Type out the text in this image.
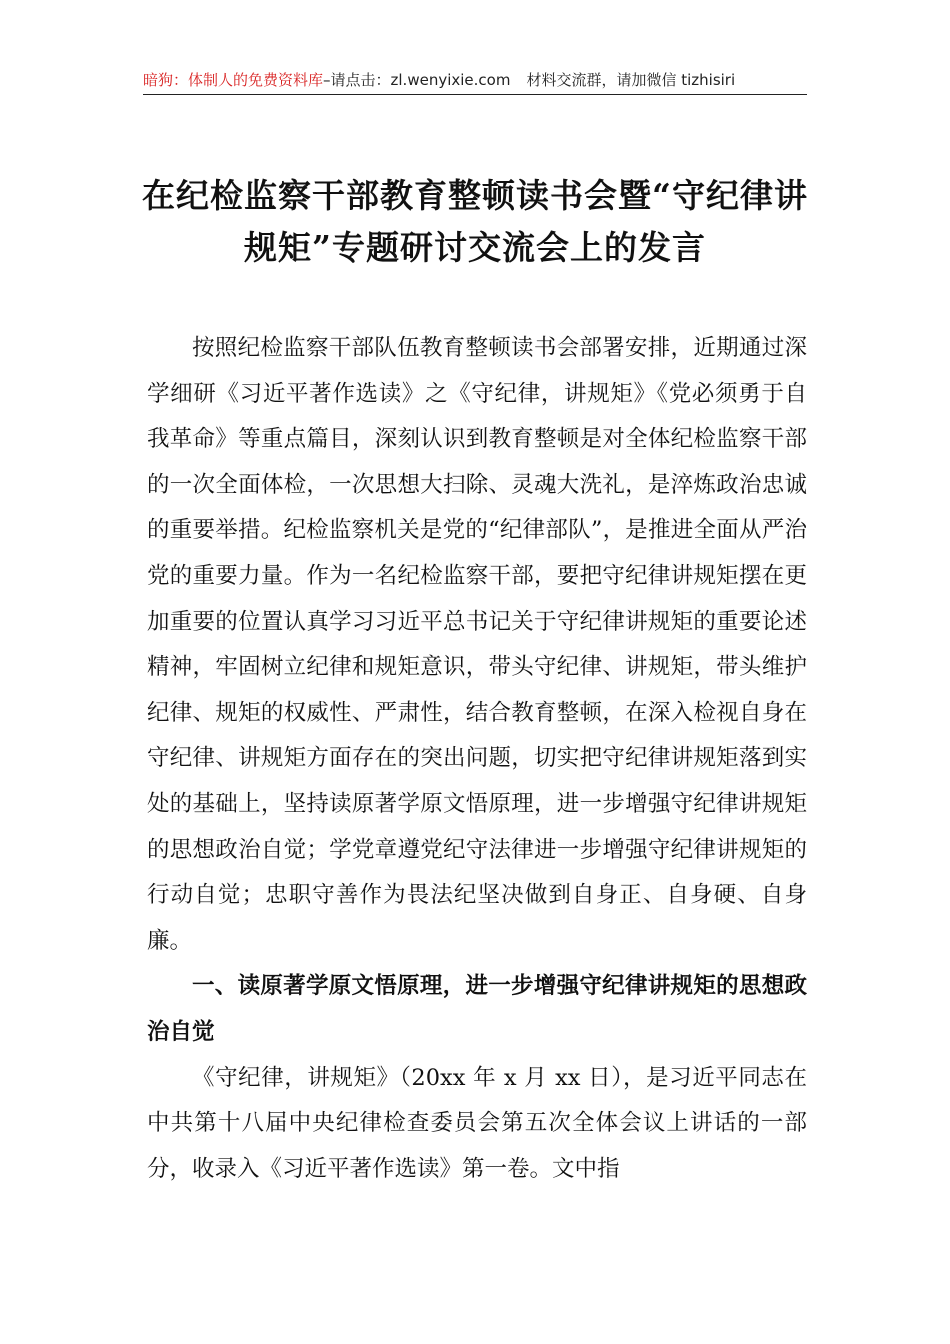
暗狗：体制人的免费资料库–请点击：zl.wenyixie.com 材料交流群，请加微信 tizhisiri
在纪检监察干部教育整顿读书会暨“守纪律讲规矩”专题研讨交流会上的发言

按照纪检监察干部队伍教育整顿读书会部署安排，近期通过深学细研《习近平著作选读》之《守纪律，讲规矩》《党必须勇于自我革命》等重点篇目，深刻认识到教育整顿是对全体纪检监察干部的一次全面体检，一次思想大扫除、灵魂大洗礼，是淬炼政治忠诚的重要举措。纪检监察机关是党的“纪律部队”，是推进全面从严治党的重要力量。作为一名纪检监察干部，要把守纪律讲规矩摆在更加重要的位置认真学习习近平总书记关于守纪律讲规矩的重要论述精神，牢固树立纪律和规矩意识，带头守纪律、讲规矩，带头维护纪律、规矩的权威性、严肃性，结合教育整顿，在深入检视自身在守纪律、讲规矩方面存在的突出问题，切实把守纪律讲规矩落到实处的基础上，坚持读原著学原文悟原理，进一步增强守纪律讲规矩的思想政治自觉；学党章遵党纪守法律进一步增强守纪律讲规矩的行动自觉；忠职守善作为畏法纪坚决做到自身正、自身硬、自身廉。

一、读原著学原文悟原理，进一步增强守纪律讲规矩的思想政治自觉

《守纪律，讲规矩》（20xx 年 x 月 xx 日），是习近平同志在中共第十八届中央纪律检查委员会第五次全体会议上讲话的一部分，收录入《习近平著作选读》第一卷。文中指
